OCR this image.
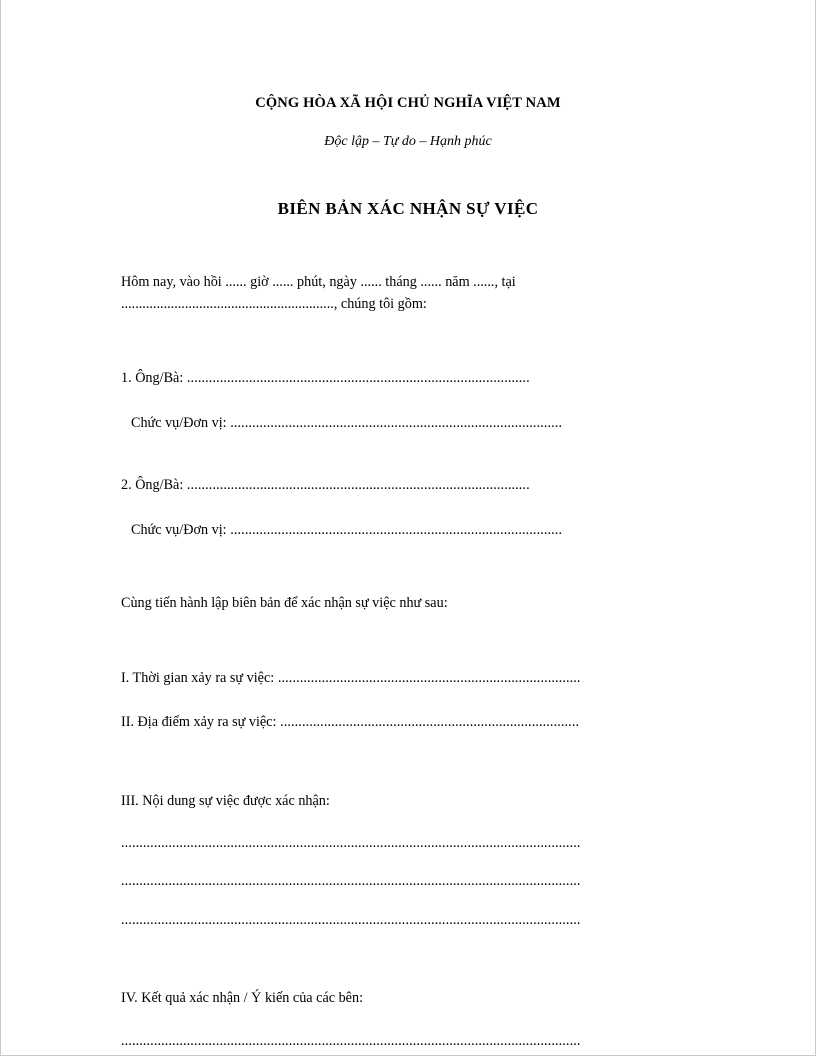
CỘNG HÒA XÃ HỘI CHỦ NGHĨA VIỆT NAM
Độc lập – Tự do – Hạnh phúc
BIÊN BẢN XÁC NHẬN SỰ VIỆC
Hôm nay, vào hồi ...... giờ ...... phút, ngày ...... tháng ...... năm ......, tại ............................................................, chúng tôi gồm:
1. Ông/Bà: ..............................................................................................
Chức vụ/Đơn vị: ...........................................................................................
2. Ông/Bà: ..............................................................................................
Chức vụ/Đơn vị: ...........................................................................................
Cùng tiến hành lập biên bản để xác nhận sự việc như sau:
I. Thời gian xảy ra sự việc: ...................................................................................
II. Địa điểm xảy ra sự việc: ..................................................................................
III. Nội dung sự việc được xác nhận:
..............................................................................................................................
..............................................................................................................................
..............................................................................................................................
IV. Kết quả xác nhận / Ý kiến của các bên:
..............................................................................................................................
